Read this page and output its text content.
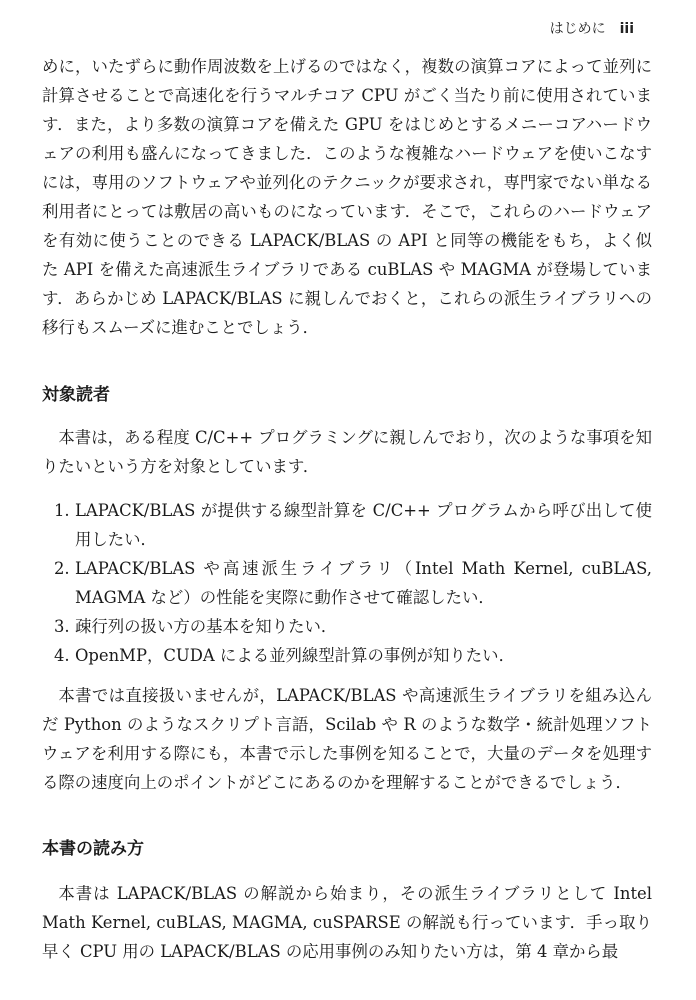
はじめに iii

めに，いたずらに動作周波数を上げるのではなく，複数の演算コアによって並列に計算させることで高速化を行うマルチコア CPU がごく当たり前に使用されています．また，より多数の演算コアを備えた GPU をはじめとするメニーコアハードウェアの利用も盛んになってきました．このような複雑なハードウェアを使いこなすには，専用のソフトウェアや並列化のテクニックが要求され，専門家でない単なる利用者にとっては敷居の高いものになっています．そこで，これらのハードウェアを有効に使うことのできる LAPACK/BLAS の API と同等の機能をもち，よく似た API を備えた高速派生ライブラリである cuBLAS や MAGMA が登場しています．あらかじめ LAPACK/BLAS に親しんでおくと，これらの派生ライブラリへの移行もスムーズに進むことでしょう．

対象読者

本書は，ある程度 C/C++ プログラミングに親しんでおり，次のような事項を知りたいという方を対象としています．

1. LAPACK/BLAS が提供する線型計算を C/C++ プログラムから呼び出して使用したい．
2. LAPACK/BLAS や高速派生ライブラリ（Intel Math Kernel, cuBLAS, MAGMA など）の性能を実際に動作させて確認したい．
3. 疎行列の扱い方の基本を知りたい．
4. OpenMP，CUDA による並列線型計算の事例が知りたい．

本書では直接扱いませんが，LAPACK/BLAS や高速派生ライブラリを組み込んだ Python のようなスクリプト言語，Scilab や R のような数学・統計処理ソフトウェアを利用する際にも，本書で示した事例を知ることで，大量のデータを処理する際の速度向上のポイントがどこにあるのかを理解することができるでしょう．

本書の読み方

本書は LAPACK/BLAS の解説から始まり，その派生ライブラリとして Intel Math Kernel, cuBLAS, MAGMA, cuSPARSE の解説も行っています．手っ取り早く CPU 用の LAPACK/BLAS の応用事例のみ知りたい方は，第 4 章から最
